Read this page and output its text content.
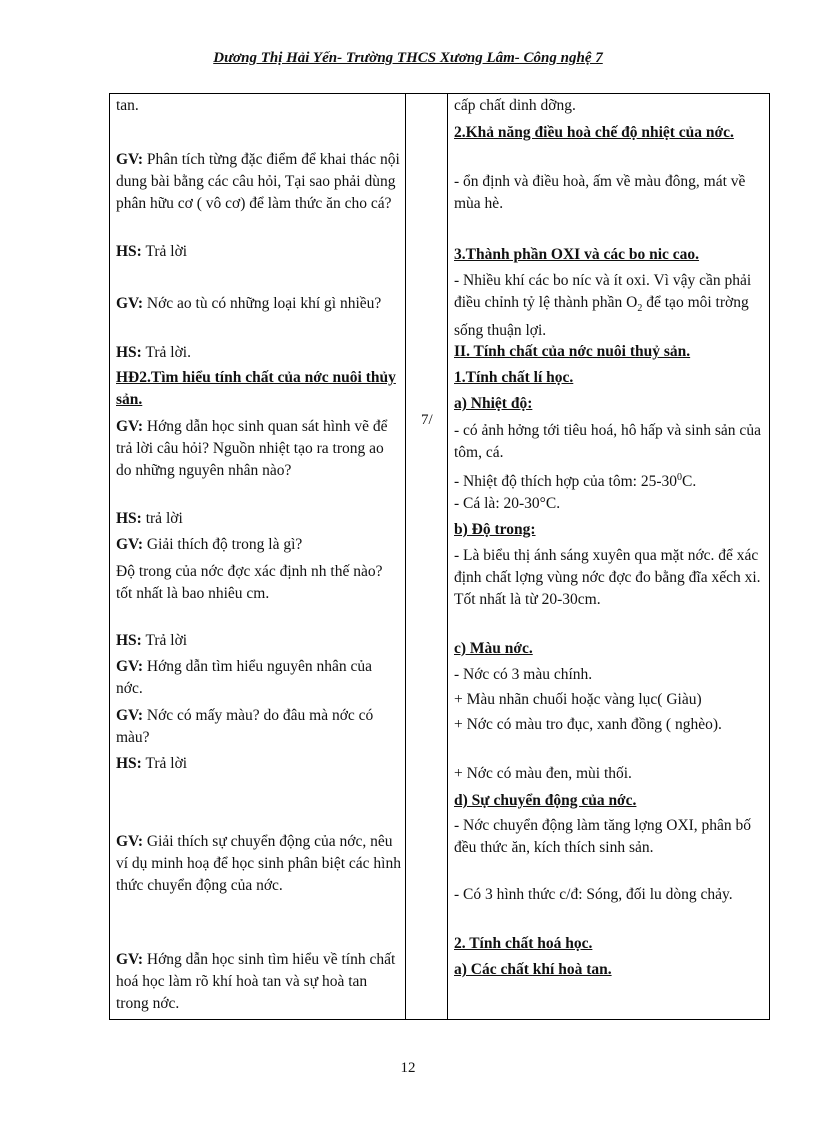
Dương Thị Hải Yến- Trường THCS Xương Lâm- Công nghệ 7

tan.

GV: Phân tích từng đặc điểm để khai thác nội dung bài bằng các câu hỏi, Tại sao phải dùng phân hữu cơ ( vô cơ) để làm thức ăn cho cá?

HS: Trả lời

GV: Nớc ao tù có những loại khí gì nhiều?

HS: Trả lời.

HĐ2.Tìm hiểu tính chất của nớc nuôi thủy sản.

GV: Hớng dẫn học sinh quan sát hình vẽ để trả lời câu hỏi? Nguồn nhiệt tạo ra trong ao do những nguyên nhân nào?

HS: trả lời

GV: Giải thích độ trong là gì?

Độ trong của nớc đợc xác định nh thế nào? tốt nhất là bao nhiêu cm.

HS: Trả lời

GV: Hớng dẫn tìm hiểu nguyên nhân của nớc.

GV: Nớc có mấy màu? do đâu mà nớc có màu?

HS: Trả lời

GV: Giải thích sự chuyển động của nớc, nêu ví dụ minh hoạ để học sinh phân biệt các hình thức chuyển động của nớc.

GV: Hớng dẫn học sinh tìm hiểu về tính chất hoá học làm rõ khí hoà tan và sự hoà tan trong nớc.

7/

cấp chất dinh dỡng.

2.Khả năng điều hoà chế độ nhiệt của nớc.

- ổn định và điều hoà, ấm về màu đông, mát về mùa hè.

3.Thành phần OXI và các bo nic cao.

- Nhiều khí các bo níc và ít oxi. Vì vậy cần phải điều chỉnh tỷ lệ thành phần $O_2$ để tạo môi trờng sống thuận lợi.

II. Tính chất của nớc nuôi thuỷ sản.

1.Tính chất lí học.

a) Nhiệt độ:

- có ảnh hởng tới tiêu hoá, hô hấp và sinh sản của tôm, cá.

- Nhiệt độ thích hợp của tôm: $25-30^0C$.

- Cá là: 20-30°C.

b) Độ trong:

- Là biểu thị ánh sáng xuyên qua mặt nớc. để xác định chất lợng vùng nớc đợc đo bằng đĩa xếch xi. Tốt nhất là từ 20-30cm.

c) Màu nớc.

- Nớc có 3 màu chính.

+ Màu nhãn chuối hoặc vàng lục( Giàu)

+ Nớc có màu tro đục, xanh đồng ( nghèo).

+ Nớc có màu đen, mùi thối.

d) Sự chuyển động của nớc.

- Nớc chuyển động làm tăng lợng OXI, phân bố đều thức ăn, kích thích sinh sản.

- Có 3 hình thức c/đ: Sóng, đối lu dòng chảy.

2. Tính chất hoá học.

a) Các chất khí hoà tan.

12
